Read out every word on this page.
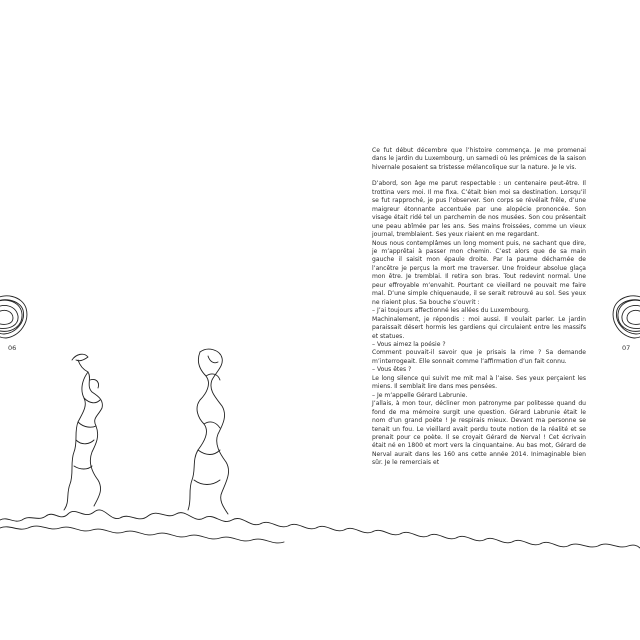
06	07

Ce fut début décembre que l’histoire commença. Je me promenai dans le jardin du Luxembourg, un samedi où les prémices de la saison hivernale posaient sa tristesse mélancolique sur la nature. Je le vis.

D’abord, son âge me parut respectable : un centenaire peut-être. Il trottina vers moi. Il me fixa. C’était bien moi sa destination. Lorsqu’il se fut rapproché, je pus l’observer. Son corps se révélait frêle, d’une maigreur étonnante accentuée par une alopécie prononcée. Son visage était ridé tel un parchemin de nos musées. Son cou présentait une peau abîmée par les ans. Ses mains froissées, comme un vieux journal, tremblaient. Ses yeux riaient en me regardant.

Nous nous contemplâmes un long moment puis, ne sachant que dire, je m’apprêtai à passer mon chemin. C’est alors que de sa main gauche il saisit mon épaule droite. Par la paume décharnée de l’ancêtre je perçus la mort me traverser. Une froideur absolue glaça mon être. Je tremblai. Il retira son bras. Tout redevint normal. Une peur effroyable m’envahit. Pourtant ce vieillard ne pouvait me faire mal. D’une simple chiquenaude, il se serait retrouvé au sol. Ses yeux ne riaient plus. Sa bouche s’ouvrit :

– J’ai toujours affectionné les allées du Luxembourg.

Machinalement, je répondis : moi aussi. Il voulait parler. Le jardin paraissait désert hormis les gardiens qui circulaient entre les massifs et statues.

– Vous aimez la poésie ?

Comment pouvait-il savoir que je prisais la rime ? Sa demande m’interrogeait. Elle sonnait comme l’affirmation d’un fait connu.

– Vous êtes ?

Le long silence qui suivit me mit mal à l’aise. Ses yeux perçaient les miens. Il semblait lire dans mes pensées.

– Je m’appelle Gérard Labrunie.

J’allais, à mon tour, décliner mon patronyme par politesse quand du fond de ma mémoire surgit une question. Gérard Labrunie était le nom d’un grand poète ! Je respirais mieux. Devant ma personne se tenait un fou. Le vieillard avait perdu toute notion de la réalité et se prenait pour ce poète. Il se croyait Gérard de Nerval ! Cet écrivain était né en 1800 et mort vers la cinquantaine. Au bas mot, Gérard de Nerval aurait dans les 160 ans cette année 2014. Inimaginable bien sûr. Je le remerciais et
